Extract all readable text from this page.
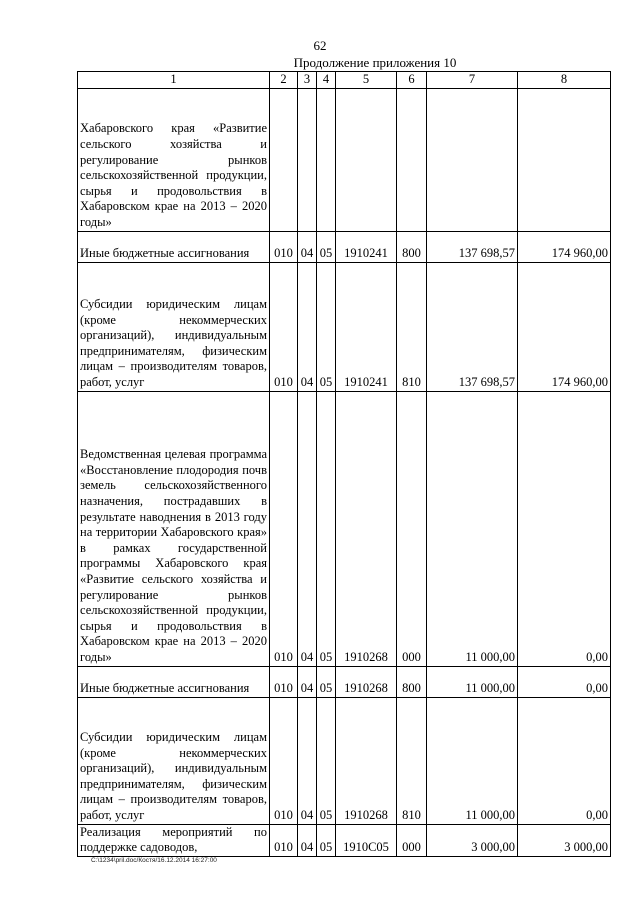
62
Продолжение приложения 10
1	2	3	4	5	6	7	8
Хабаровского края «Развитие сельского хозяйства и регулирование рынков сельскохозяйственной продукции, сырья и продовольствия в Хабаровском крае на 2013 – 2020 годы»							
Иные бюджетные ассигнования	010	04	05	1910241	800	137 698,57	174 960,00
Субсидии юридическим лицам (кроме некоммерческих организаций), индивидуальным предпринимателям, физическим лицам – производителям товаров, работ, услуг	010	04	05	1910241	810	137 698,57	174 960,00
Ведомственная целевая программа «Восстановление плодородия почв земель сельскохозяйственного назначения, пострадавших в результате наводнения в 2013 году на территории Хабаровского края» в рамках государственной программы Хабаровского края «Развитие сельского хозяйства и регулирование рынков сельскохозяйственной продукции, сырья и продовольствия в Хабаровском крае на 2013 – 2020 годы»	010	04	05	1910268	000	11 000,00	0,00
Иные бюджетные ассигнования	010	04	05	1910268	800	11 000,00	0,00
Субсидии юридическим лицам (кроме некоммерческих организаций), индивидуальным предпринимателям, физическим лицам – производителям товаров, работ, услуг	010	04	05	1910268	810	11 000,00	0,00
Реализация мероприятий по поддержке садоводов,	010	04	05	1910C05	000	3 000,00	3 000,00
C:\1234\pril.doc/Костя/16.12.2014 16:27:00
